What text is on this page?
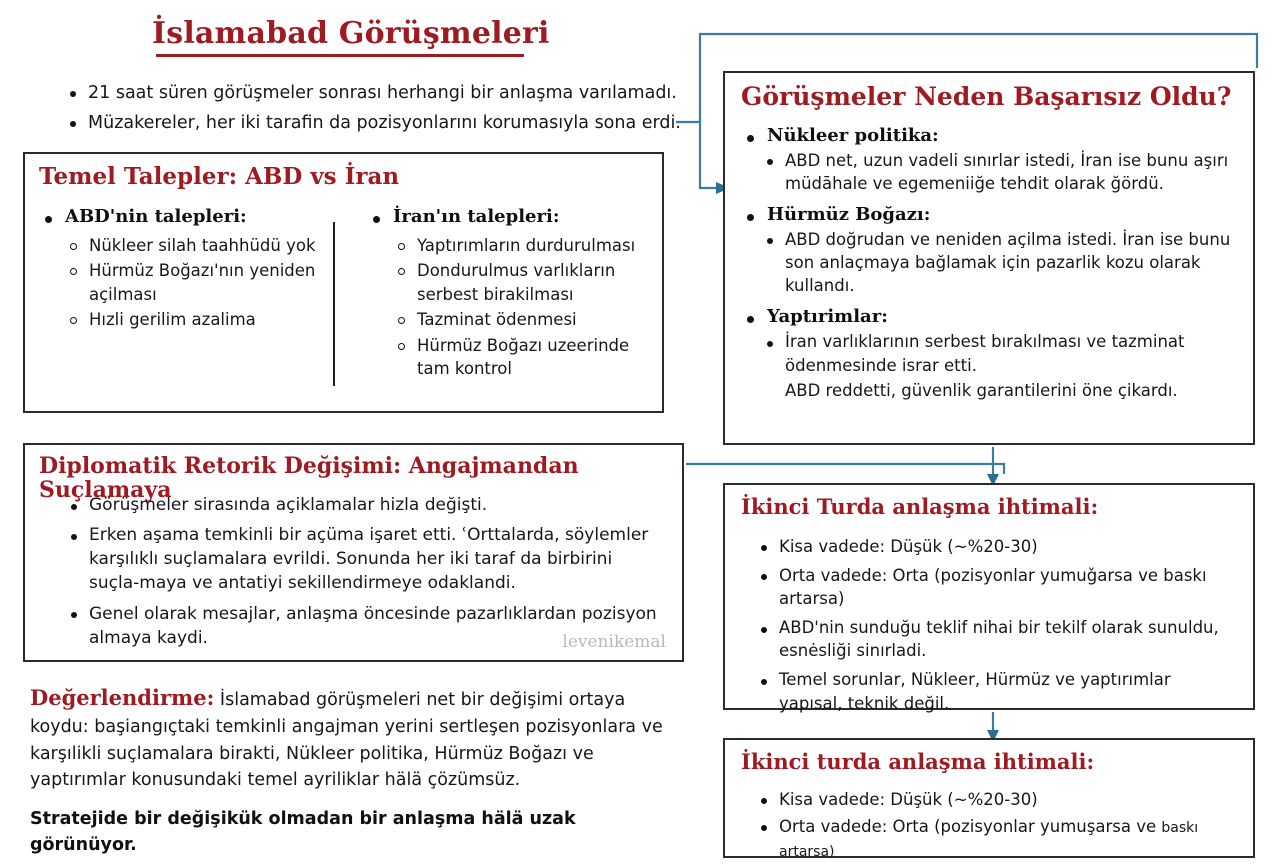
İslamabad Görüşmeleri
21 saat süren görüşmeler sonrası herhangi bir anlaşma varılamadı.
Müzakereler, her iki tarafin da pozisyonlarını korumasıyla sona erdi.
Temel Talepler: ABD vs İran
ABD'nin talepleri:
Nükleer silah taahhüdü yok
Hürmüz Boğazı'nın yeniden açilması
Hızli gerilim azalima
İran'ın talepleri:
Yaptırımların durdurulması
Dondurulmus varlıkların serbest birakilması
Tazminat ödenmesi
Hürmüz Boğazı uzeerinde tam kontrol
Görüşmeler Neden Başarısız Oldu?
Nükleer politika:
ABD net, uzun vadeli sınırlar istedi, İran ise bunu aşırı müdāhale ve egemeniiğe tehdit olarak ğördü.
Hürmüz Boğazı:
ABD doğrudan ve neniden açilma istedi. İran ise bunu son anlaçmaya bağlamak için pazarlik kozu olarak kullandı.
Yaptırimlar:
İran varlıklarının serbest bırakılması ve tazminat ödenmesinde israr etti.
ABD reddetti, güvenlik garantilerini öne çikardı.
Diplomatik Retorik Değişimi: Angajmandan Suçlamaya
Görüşmeler sirasında açiklamalar hizla değişti.
Erken aşama temkinli bir açüma işaret etti. ʿOrttalarda, söylemler karşılıklı suçlamalara evrildi. Sonunda her iki taraf da birbirini suçla-maya ve antatiyi sekillendirmeye odaklandi.
Genel olarak mesajlar, anlaşma öncesinde pazarlıklardan pozisyon almaya kaydi.	levenikemal
Değerlendirme: İslamabad görüşmeleri net bir değişimi ortaya koydu: başiangıçtaki temkinli angajman yerini sertleşen pozisyonlara ve karşılikli suçlamalara birakti, Nükleer politika, Hürmüz Boğazı ve yaptırımlar konusundaki temel ayriliklar hälä çözümsüz.
Stratejide bir değişikük olmadan bir anlaşma hälä uzak görünüyor.
İkinci Turda anlaşma ihtimali:
Kisa vadede: Düşük (~%20-30)
Orta vadede: Orta (pozisyonlar yumuǧarsa ve baskı artarsa)
ABD'nin sunduğu teklif nihai bir tekilf olarak sunuldu, esnėsliği sinırladi.
Temel sorunlar, Nükleer, Hürmüz ve yaptırımlar yapısal, teknik değil.
İkinci turda anlaşma ihtimali:
Kisa vadede: Düşük (~%20-30)
Orta vadede: Orta (pozisyonlar yumuşarsa ve baskı artarsa)
